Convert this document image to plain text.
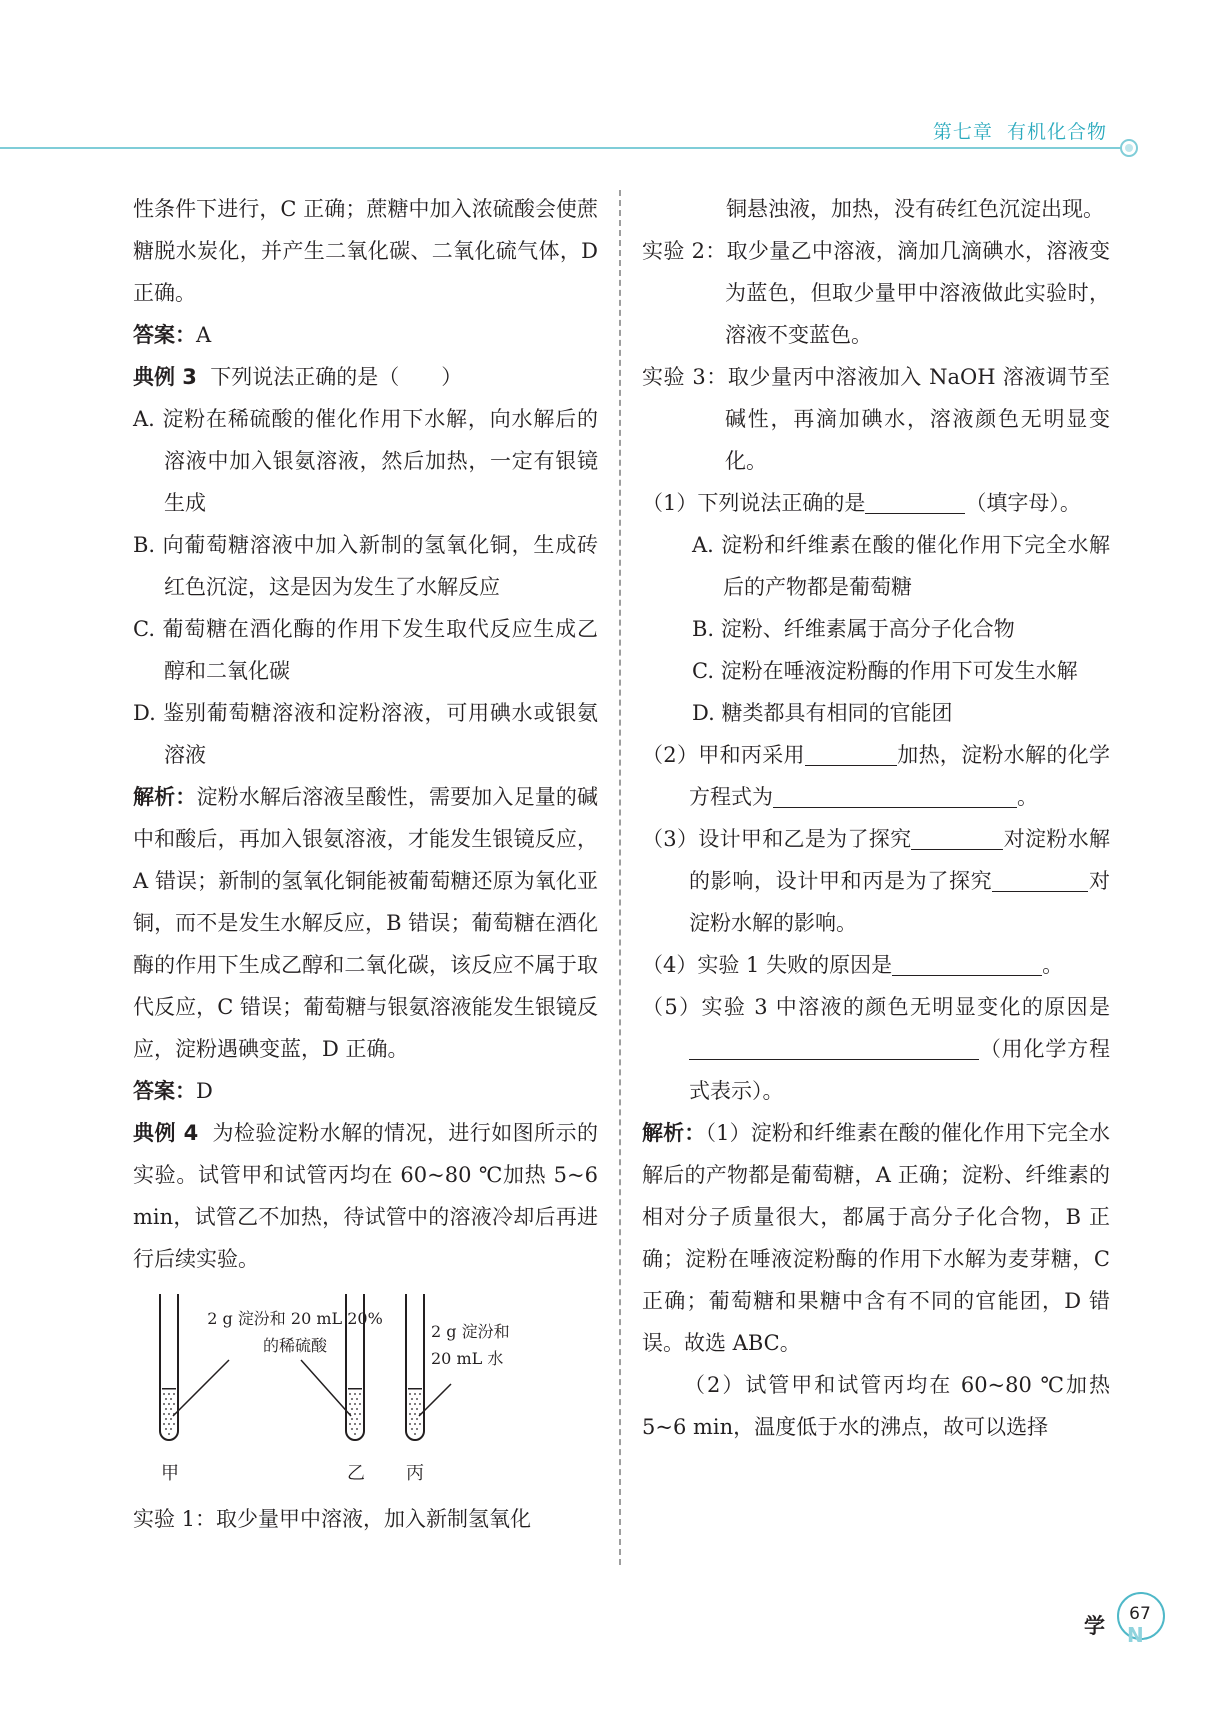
第七章 有机化合物

性条件下进行，C 正确；蔗糖中加入浓硫酸会使蔗糖脱水炭化，并产生二氧化碳、二氧化硫气体，D 正确。

答案：A

典例 3 下列说法正确的是（　　）

A. 淀粉在稀硫酸的催化作用下水解，向水解后的溶液中加入银氨溶液，然后加热，一定有银镜生成

B. 向葡萄糖溶液中加入新制的氢氧化铜，生成砖红色沉淀，这是因为发生了水解反应

C. 葡萄糖在酒化酶的作用下发生取代反应生成乙醇和二氧化碳

D. 鉴别葡萄糖溶液和淀粉溶液，可用碘水或银氨溶液

解析：淀粉水解后溶液呈酸性，需要加入足量的碱中和酸后，再加入银氨溶液，才能发生银镜反应，A 错误；新制的氢氧化铜能被葡萄糖还原为氧化亚铜，而不是发生水解反应，B 错误；葡萄糖在酒化酶的作用下生成乙醇和二氧化碳，该反应不属于取代反应，C 错误；葡萄糖与银氨溶液能发生银镜反应，淀粉遇碘变蓝，D 正确。

答案：D

典例 4 为检验淀粉水解的情况，进行如图所示的实验。试管甲和试管丙均在 60~80 ℃加热 5~6 min，试管乙不加热，待试管中的溶液冷却后再进行后续实验。

2 g 淀汾和 20 mL 20%
的稀硫酸
2 g 淀汾和
20 mL 水
甲	乙 丙

实验 1：取少量甲中溶液，加入新制氢氧化

铜悬浊液，加热，没有砖红色沉淀出现。

实验 2：取少量乙中溶液，滴加几滴碘水，溶液变为蓝色，但取少量甲中溶液做此实验时，溶液不变蓝色。

实验 3：取少量丙中溶液加入 NaOH 溶液调节至碱性，再滴加碘水，溶液颜色无明显变化。

（1）下列说法正确的是	（填字母）。

A. 淀粉和纤维素在酸的催化作用下完全水解后的产物都是葡萄糖

B. 淀粉、纤维素属于高分子化合物

C. 淀粉在唾液淀粉酶的作用下可发生水解

D. 糖类都具有相同的官能团

（2）甲和丙采用	加热，淀粉水解的化学方程式为	。

（3）设计甲和乙是为了探究	对淀粉水解的影响，设计甲和丙是为了探究	对淀粉水解的影响。

（4）实验 1 失败的原因是	。

（5）实验 3 中溶液的颜色无明显变化的原因是（用化学方程式表示）。

解析：（1）淀粉和纤维素在酸的催化作用下完全水解后的产物都是葡萄糖，A 正确；淀粉、纤维素的相对分子质量很大，都属于高分子化合物，B 正确；淀粉在唾液淀粉酶的作用下水解为麦芽糖，C 正确；葡萄糖和果糖中含有不同的官能团，D 错误。故选 ABC。

（2）试管甲和试管丙均在 60~80 ℃加热 5~6 min，温度低于水的沸点，故可以选择

学	67
N
